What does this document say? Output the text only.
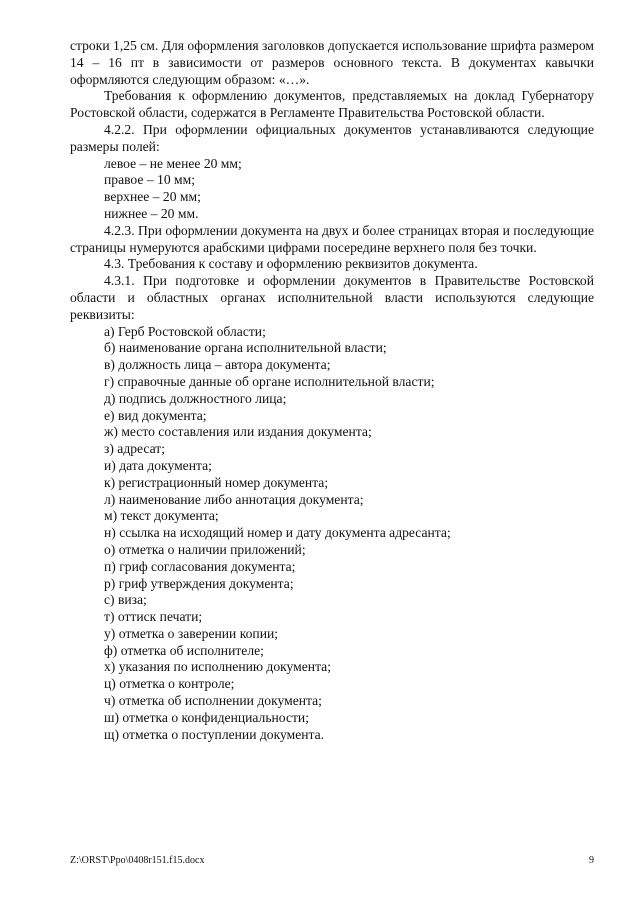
строки 1,25 см. Для оформления заголовков допускается использование шрифта размером 14 – 16 пт в зависимости от размеров основного текста. В документах кавычки оформляются следующим образом: «…».

Требования к оформлению документов, представляемых на доклад Губернатору Ростовской области, содержатся в Регламенте Правительства Ростовской области.

4.2.2. При оформлении официальных документов устанавливаются следующие размеры полей:

левое – не менее 20 мм;

правое – 10 мм;

верхнее – 20 мм;

нижнее – 20 мм.

4.2.3. При оформлении документа на двух и более страницах вторая и последующие страницы нумеруются арабскими цифрами посередине верхнего поля без точки.

4.3. Требования к составу и оформлению реквизитов документа.

4.3.1. При подготовке и оформлении документов в Правительстве Ростовской области и областных органах исполнительной власти используются следующие реквизиты:

а) Герб Ростовской области;

б) наименование органа исполнительной власти;

в) должность лица – автора документа;

г) справочные данные об органе исполнительной власти;

д) подпись должностного лица;

е) вид документа;

ж) место составления или издания документа;

з) адресат;

и) дата документа;

к) регистрационный номер документа;

л) наименование либо аннотация документа;

м) текст документа;

н) ссылка на исходящий номер и дату документа адресанта;

о) отметка о наличии приложений;

п) гриф согласования документа;

р) гриф утверждения документа;

с) виза;

т) оттиск печати;

у) отметка о заверении копии;

ф) отметка об исполнителе;

х) указания по исполнению документа;

ц) отметка о контроле;

ч) отметка об исполнении документа;

ш) отметка о конфиденциальности;

щ) отметка о поступлении документа.

Z:\ORST\Ppo\0408r151.f15.docx	9
